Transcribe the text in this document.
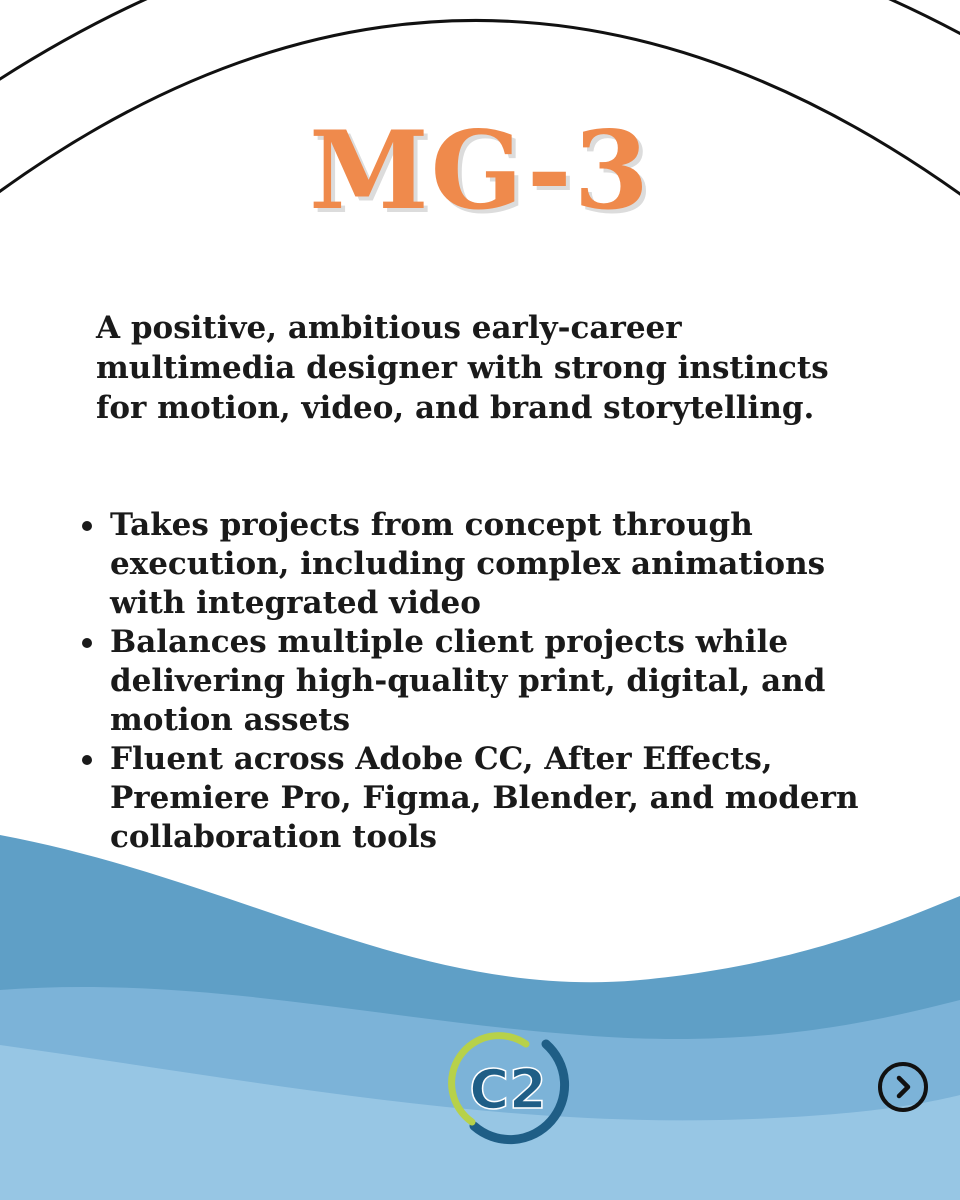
MG-3

A positive, ambitious early-career multimedia designer with strong instincts for motion, video, and brand storytelling.

Takes projects from concept through execution, including complex animations with integrated video
Balances multiple client projects while delivering high-quality print, digital, and motion assets
Fluent across Adobe CC, After Effects, Premiere Pro, Figma, Blender, and modern collaboration tools
C2
